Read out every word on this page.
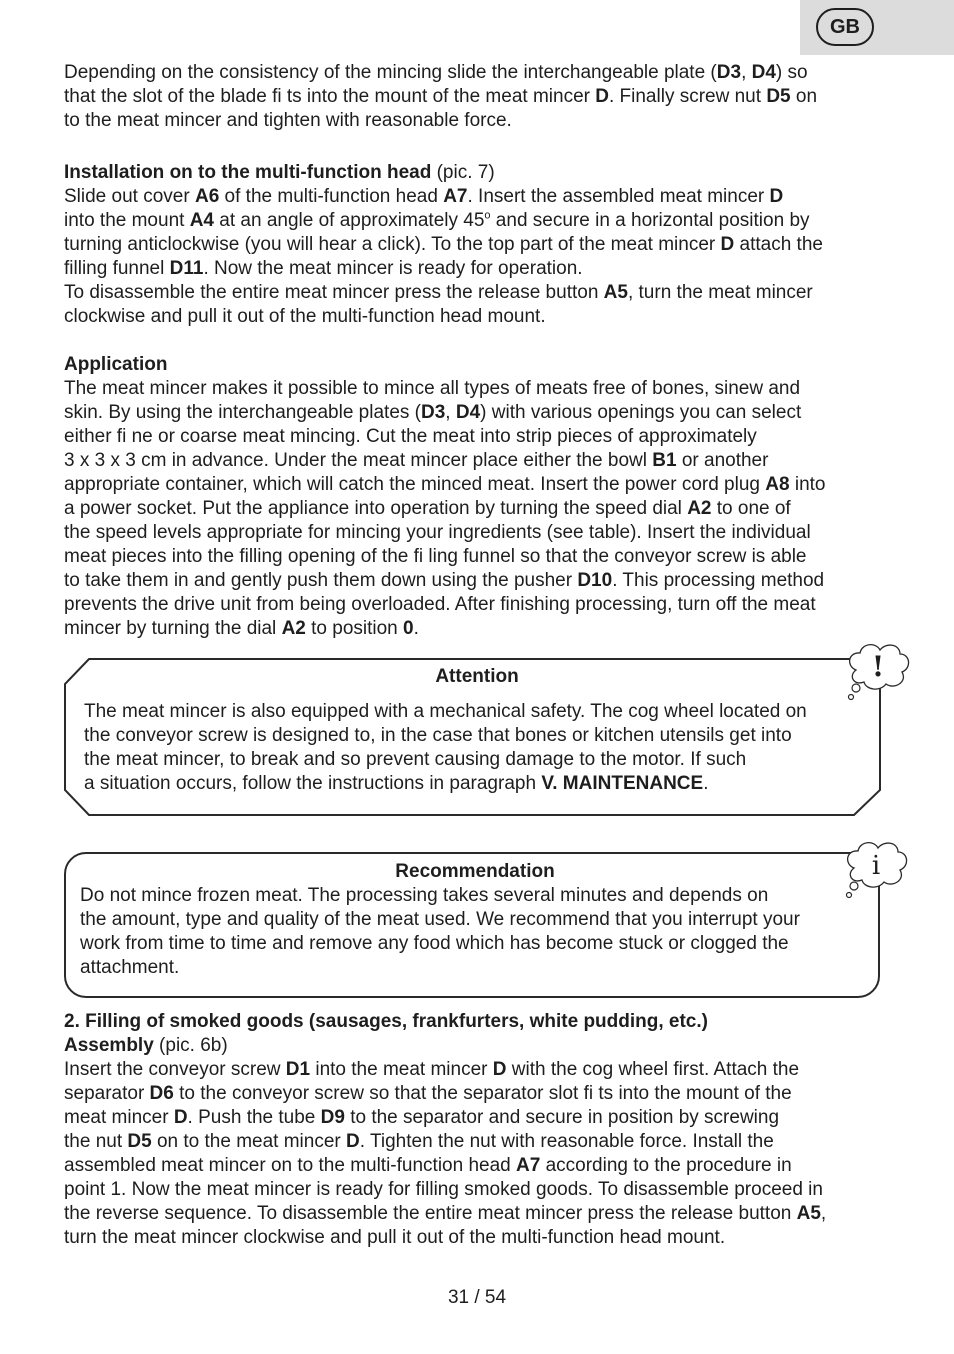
GB

Depending on the consistency of the mincing slide the interchangeable plate (D3, D4) so

that the slot of the blade fi ts into the mount of the meat mincer D. Finally screw nut D5 on

to the meat mincer and tighten with reasonable force.

Installation on to the multi-function head (pic. 7)

Slide out cover A6 of the multi-function head A7. Insert the assembled meat mincer D

into the mount A4 at an angle of approximately 45$^o$ and secure in a horizontal position by

turning anticlockwise (you will hear a click). To the top part of the meat mincer D attach the

filling funnel D11. Now the meat mincer is ready for operation.

To disassemble the entire meat mincer press the release button A5, turn the meat mincer

clockwise and pull it out of the multi-function head mount.

Application

The meat mincer makes it possible to mince all types of meats free of bones, sinew and

skin. By using the interchangeable plates (D3, D4) with various openings you can select

either fi ne or coarse meat mincing. Cut the meat into strip pieces of approximately

3 x 3 x 3 cm in advance. Under the meat mincer place either the bowl B1 or another

appropriate container, which will catch the minced meat. Insert the power cord plug A8 into

a power socket. Put the appliance into operation by turning the speed dial A2 to one of

the speed levels appropriate for mincing your ingredients (see table). Insert the individual

meat pieces into the filling opening of the fi ling funnel so that the conveyor screw is able

to take them in and gently push them down using the pusher D10. This processing method

prevents the drive unit from being overloaded. After finishing processing, turn off the meat

mincer by turning the dial A2 to position 0.

Attention

The meat mincer is also equipped with a mechanical safety. The cog wheel located on

the conveyor screw is designed to, in the case that bones or kitchen utensils get into

the meat mincer, to break and so prevent causing damage to the motor. If such

a situation occurs, follow the instructions in paragraph V. MAINTENANCE.

!

Recommendation

Do not mince frozen meat. The processing takes several minutes and depends on

the amount, type and quality of the meat used. We recommend that you interrupt your

work from time to time and remove any food which has become stuck or clogged the

attachment.

i

2. Filling of smoked goods (sausages, frankfurters, white pudding, etc.)

Assembly (pic. 6b)

Insert the conveyor screw D1 into the meat mincer D with the cog wheel first. Attach the

separator D6 to the conveyor screw so that the separator slot fi ts into the mount of the

meat mincer D. Push the tube D9 to the separator and secure in position by screwing

the nut D5 on to the meat mincer D. Tighten the nut with reasonable force. Install the

assembled meat mincer on to the multi-function head A7 according to the procedure in

point 1. Now the meat mincer is ready for filling smoked goods. To disassemble proceed in

the reverse sequence. To disassemble the entire meat mincer press the release button A5,

turn the meat mincer clockwise and pull it out of the multi-function head mount.

31 / 54
